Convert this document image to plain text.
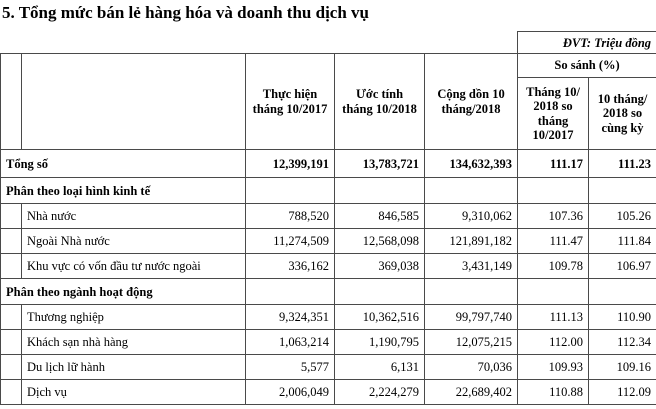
5. Tổng mức bán lẻ hàng hóa và doanh thu dịch vụ
					ĐVT: Triệu đồng	
		Thực hiện tháng 10/2017	Ước tính tháng 10/2018	Cộng dồn 10 tháng/2018	So sánh (%)	
					Tháng 10/ 2018 so tháng 10/2017	10 tháng/ 2018 so cùng kỳ
Tổng số		12,399,191	13,783,721	134,632,393	111.17	111.23
Phân theo loại hình kinh tế						
	Nhà nước	788,520	846,585	9,310,062	107.36	105.26
	Ngoài Nhà nước	11,274,509	12,568,098	121,891,182	111.47	111.84
	Khu vực có vốn đầu tư nước ngoài	336,162	369,038	3,431,149	109.78	106.97
Phân theo ngành hoạt động						
	Thương nghiệp	9,324,351	10,362,516	99,797,740	111.13	110.90
	Khách sạn nhà hàng	1,063,214	1,190,795	12,075,215	112.00	112.34
	Du lịch lữ hành	5,577	6,131	70,036	109.93	109.16
	Dịch vụ	2,006,049	2,224,279	22,689,402	110.88	112.09
